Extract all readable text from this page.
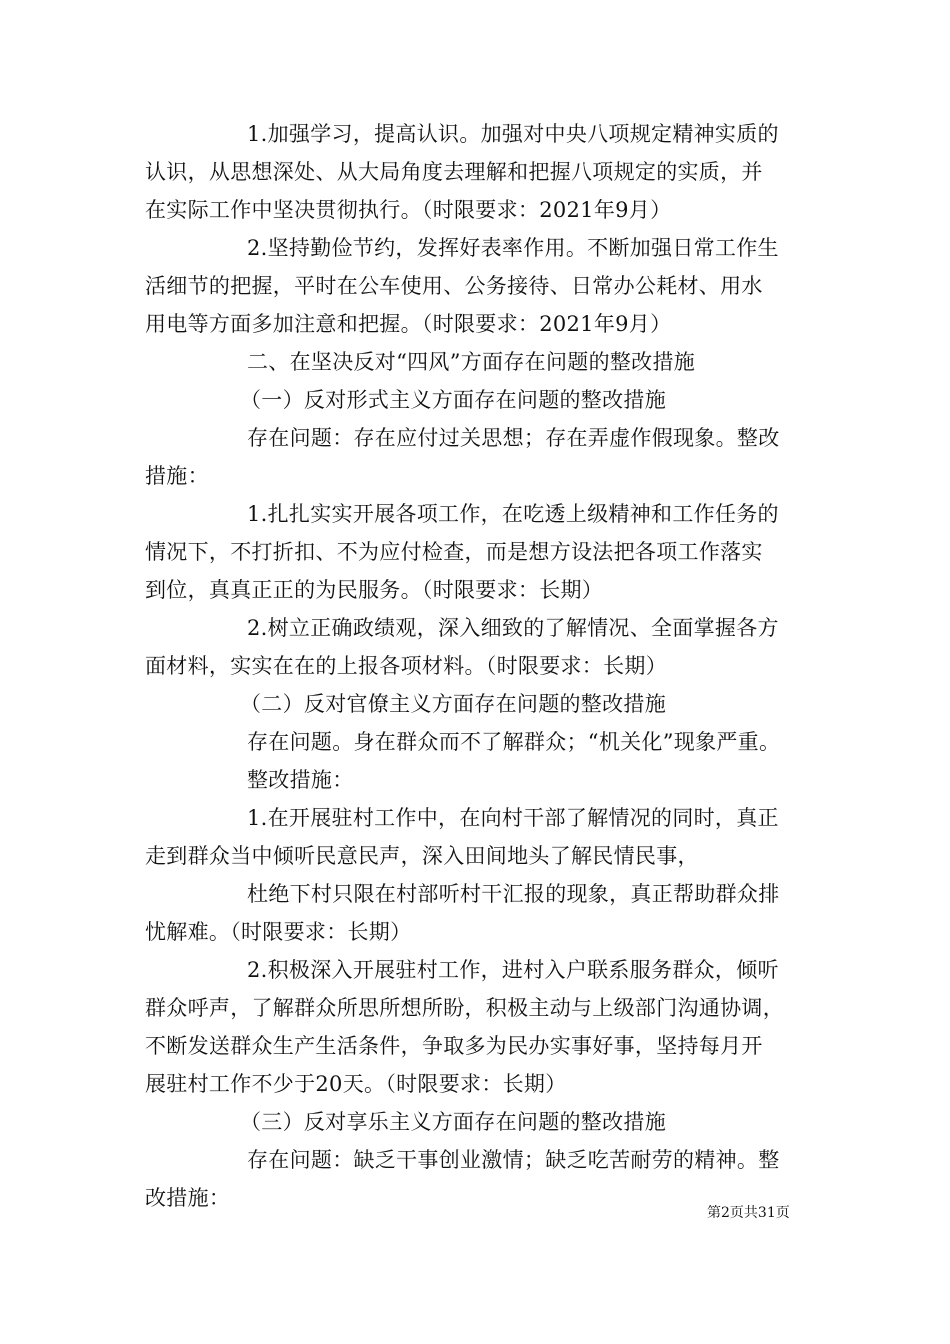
1.加强学习，提高认识。加强对中央八项规定精神实质的
认识，从思想深处、从大局角度去理解和把握八项规定的实质，并
在实际工作中坚决贯彻执行。（时限要求：2021年9月）
2.坚持勤俭节约，发挥好表率作用。不断加强日常工作生
活细节的把握，平时在公车使用、公务接待、日常办公耗材、用水
用电等方面多加注意和把握。（时限要求：2021年9月）
二、在坚决反对“四风”方面存在问题的整改措施
（一）反对形式主义方面存在问题的整改措施
存在问题：存在应付过关思想；存在弄虚作假现象。整改
措施：
1.扎扎实实开展各项工作，在吃透上级精神和工作任务的
情况下，不打折扣、不为应付检查，而是想方设法把各项工作落实
到位，真真正正的为民服务。（时限要求：长期）
2.树立正确政绩观，深入细致的了解情况、全面掌握各方
面材料，实实在在的上报各项材料。（时限要求：长期）
（二）反对官僚主义方面存在问题的整改措施
存在问题。身在群众而不了解群众；“机关化”现象严重。
整改措施：
1.在开展驻村工作中，在向村干部了解情况的同时，真正
走到群众当中倾听民意民声，深入田间地头了解民情民事，
杜绝下村只限在村部听村干汇报的现象，真正帮助群众排
忧解难。（时限要求：长期）
2.积极深入开展驻村工作，进村入户联系服务群众，倾听
群众呼声，了解群众所思所想所盼，积极主动与上级部门沟通协调，
不断发送群众生产生活条件，争取多为民办实事好事，坚持每月开
展驻村工作不少于20天。（时限要求：长期）
（三）反对享乐主义方面存在问题的整改措施
存在问题：缺乏干事创业激情；缺乏吃苦耐劳的精神。整
改措施：
第2页共31页
